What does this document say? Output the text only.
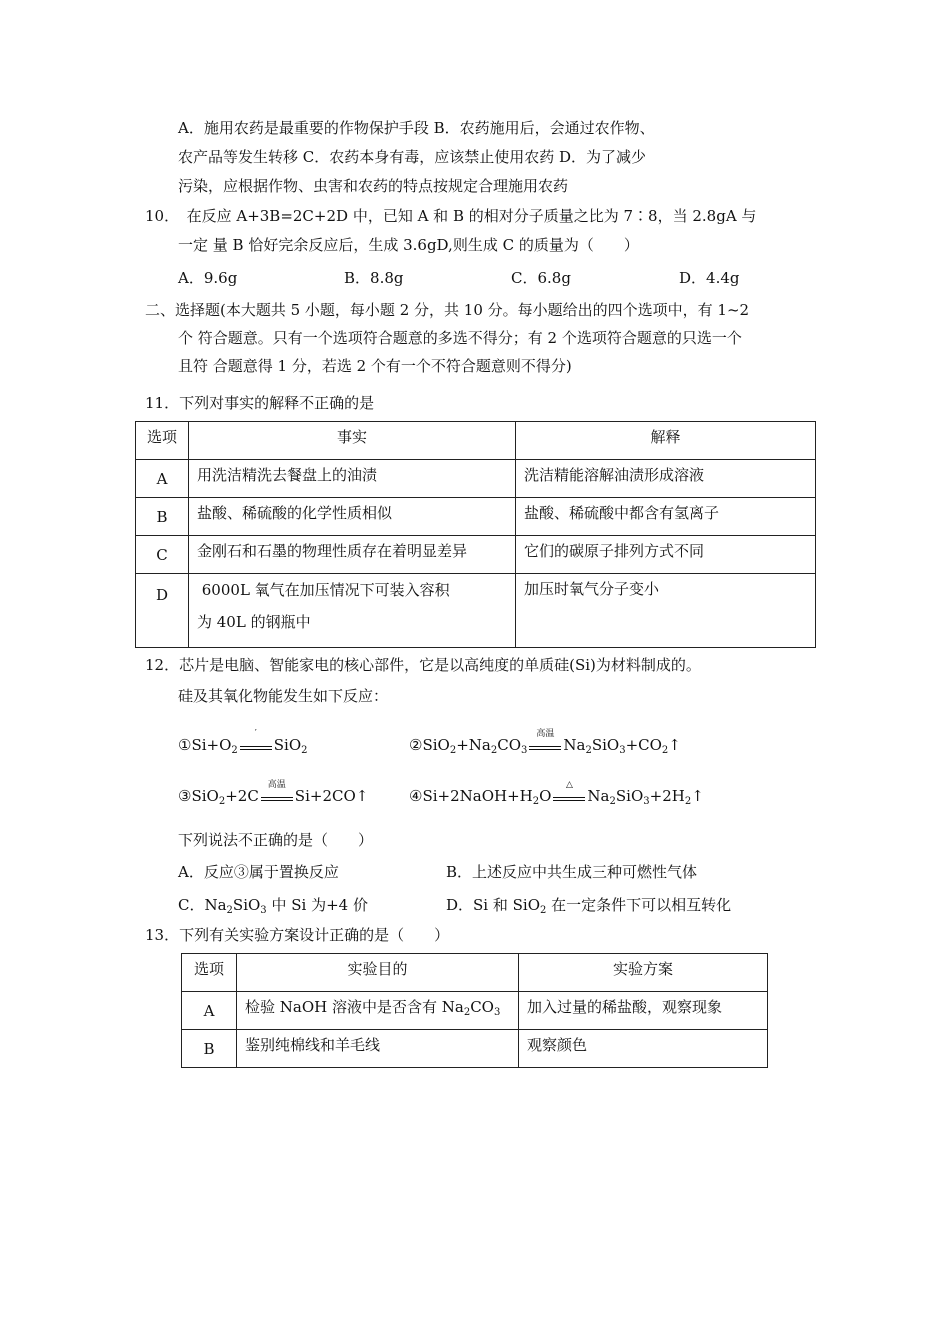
A．施用农药是最重要的作物保护手段 B．农药施用后，会通过农作物、
农产品等发生转移 C．农药本身有毒，应该禁止使用农药 D．为了减少
污染，应根据作物、虫害和农药的特点按规定合理施用农药
10．　在反应 A+3B=2C+2D 中，已知 A 和 B 的相对分子质量之比为 7∶8，当 2.8gA 与
一定 量 B 恰好完余反应后，生成 3.6gD,则生成 C 的质量为（　　）
A．9.6g	B．8.8g	C．6.8g	D．4.4g
二、选择题(本大题共 5 小题，每小题 2 分，共 10 分。每小题给出的四个选项中，有 1~2
个 符合题意。只有一个选项符合题意的多选不得分；有 2 个选项符合题意的只选一个
且符 合题意得 1 分，若选 2 个有一个不符合题意则不得分)
11．下列对事实的解释不正确的是
选项	事实	解释
A	用洗洁精洗去餐盘上的油渍	洗洁精能溶解油渍形成溶液
B	盐酸、稀硫酸的化学性质相似	盐酸、稀硫酸中都含有氢离子
C	金刚石和石墨的物理性质存在着明显差异	它们的碳原子排列方式不同
D	6000L 氧气在加压情况下可装入容积
为 40L 的钢瓶中	加压时氧气分子变小
12．芯片是电脑、智能家电的核心部件，它是以高纯度的单质硅(Si)为材料制成的。
硅及其氧化物能发生如下反应：
$①Si+O_2$
′
SiO$_2$	$②SiO_2+Na_2CO_3$
高温
$Na_2SiO_3+CO_2↑$
③SiO$_2$+2C
高温
Si+2CO↑	$④Si+2NaOH+H_2O$
△
$Na_2SiO_3+2H_2↑$
下列说法不正确的是（　　）
A．反应③属于置换反应	B．上述反应中共生成三种可燃性气体
C．$Na_2SiO_3$ 中 Si 为+4 价	D．Si 和 SiO$_2$ 在一定条件下可以相互转化
13．下列有关实验方案设计正确的是（　　）
选项	实验目的	实验方案
A	检验 NaOH 溶液中是否含有 $Na_2CO_3$	加入过量的稀盐酸，观察现象
B	鉴别纯棉线和羊毛线	观察颜色
